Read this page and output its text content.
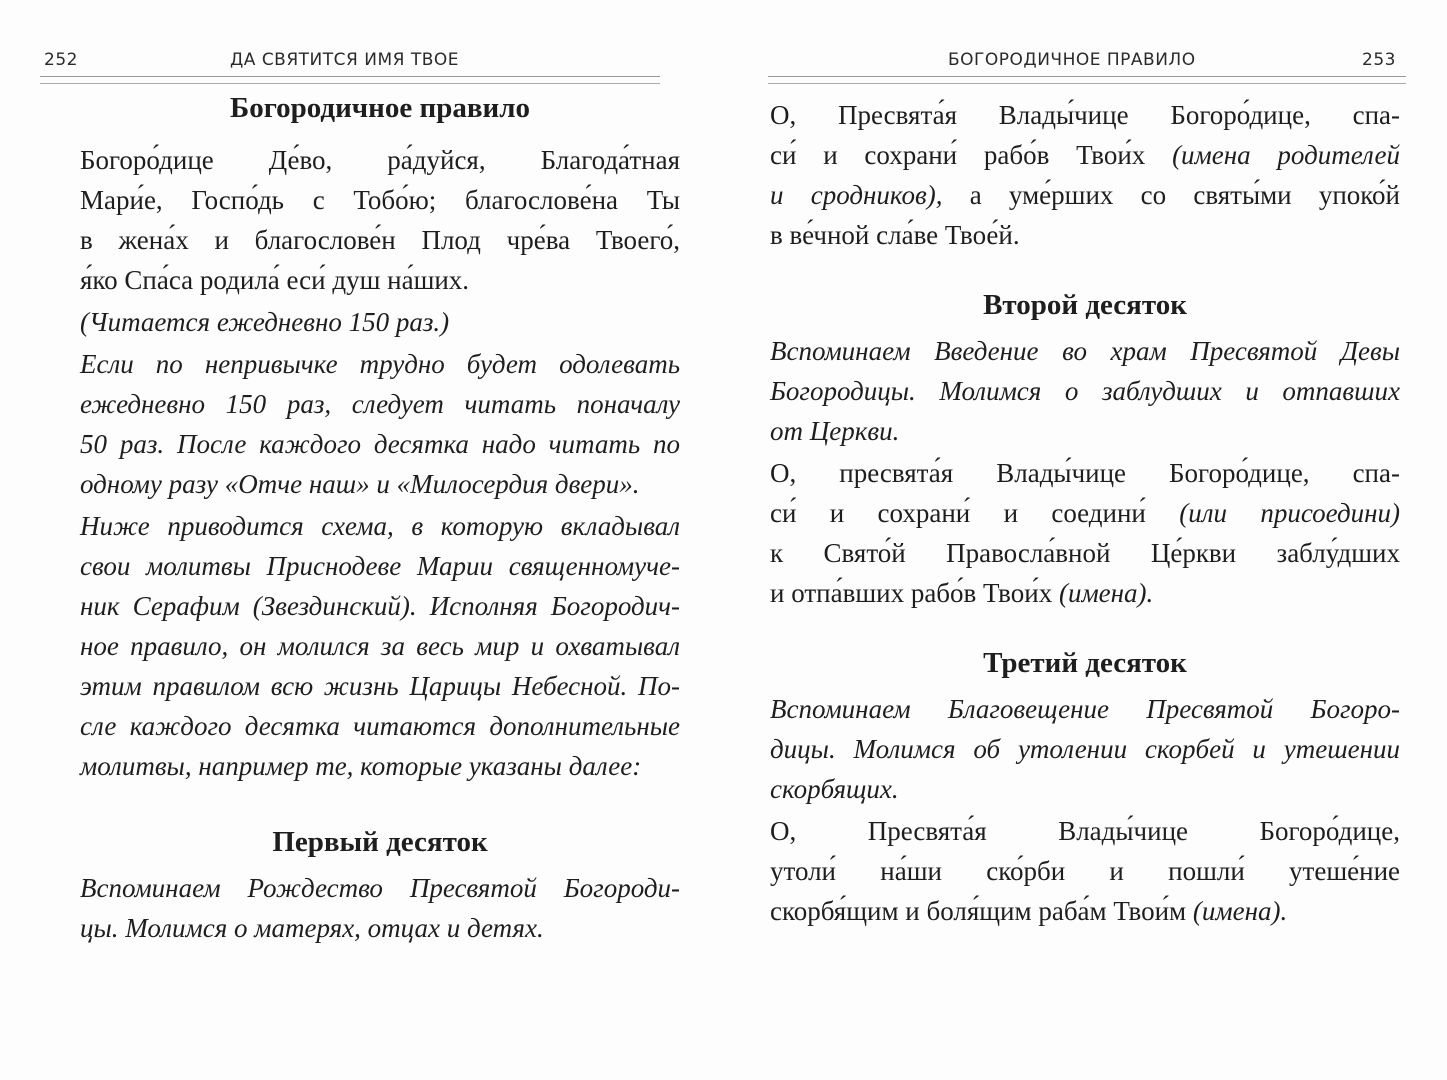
252	ДА СВЯТИТСЯ ИМЯ ТВОЕ	БОГОРОДИЧНОЕ ПРАВИЛО	253
Богородичное правило
Богоро́дице Де́во, ра́дуйся, Благода́тная
Мари́е, Госпо́дь с Тобо́ю; благослове́на Ты
в жена́х и благослове́н Плод чре́ва Твоего́,
я́ко Спа́са родила́ еси́ душ на́ших.
(Читается ежедневно 150 раз.)
Если по непривычке трудно будет одолевать
ежедневно 150 раз, следует читать поначалу
50 раз. После каждого десятка надо читать по
одному разу «Отче наш» и «Милосердия двери».
Ниже приводится схема, в которую вкладывал
свои молитвы Приснодеве Марии священномуче-
ник Серафим (Звездинский). Исполняя Богородич-
ное правило, он молился за весь мир и охватывал
этим правилом всю жизнь Царицы Небесной. По-
сле каждого десятка читаются дополнительные
молитвы, например те, которые указаны далее:
Первый десяток
Вспоминаем Рождество Пресвятой Богороди-
цы. Молимся о матерях, отцах и детях.
О, Пресвята́я Влады́чице Богоро́дице, спа-
си́ и сохрани́ рабо́в Твои́х (имена родителей
и сродников), а уме́рших со святы́ми упоко́й
в ве́чной сла́ве Твое́й.
Второй десяток
Вспоминаем Введение во храм Пресвятой Девы
Богородицы. Молимся о заблудших и отпавших
от Церкви.
О, пресвята́я Влады́чице Богоро́дице, спа-
си́ и сохрани́ и соедини́ (или присоедини)
к Свято́й Правосла́вной Це́ркви заблу́дших
и отпа́вших рабо́в Твои́х (имена).
Третий десяток
Вспоминаем Благовещение Пресвятой Богоро-
дицы. Молимся об утолении скорбей и утешении
скорбящих.
О, Пресвята́я Влады́чице Богоро́дице,
утоли́ на́ши ско́рби и пошли́ утеше́ние
скорбя́щим и боля́щим раба́м Твои́м (имена).
